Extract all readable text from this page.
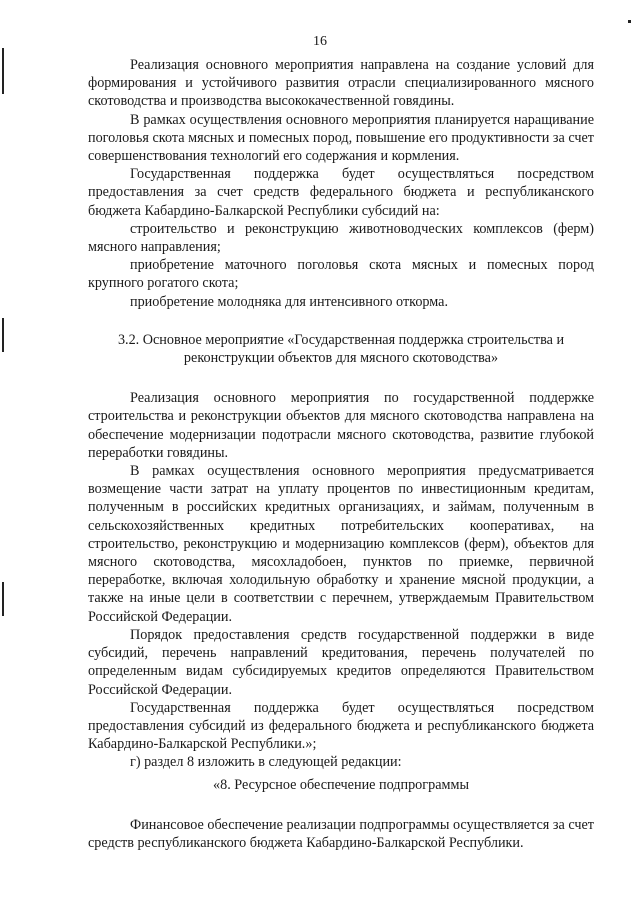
16

Реализация основного мероприятия направлена на создание условий для формирования и устойчивого развития отрасли специализированного мясного скотоводства и производства высококачественной говядины.

В рамках осуществления основного мероприятия планируется наращивание поголовья скота мясных и помесных пород, повышение его продуктивности за счет совершенствования технологий его содержания и кормления.

Государственная поддержка будет осуществляться посредством предоставления за счет средств федерального бюджета и республиканского бюджета Кабардино-Балкарской Республики субсидий на:

строительство и реконструкцию животноводческих комплексов (ферм) мясного направления;

приобретение маточного поголовья скота мясных и помесных пород крупного рогатого скота;

приобретение молодняка для интенсивного откорма.

3.2. Основное мероприятие «Государственная поддержка строительства и реконструкции объектов для мясного скотоводства»

Реализация основного мероприятия по государственной поддержке строительства и реконструкции объектов для мясного скотоводства направлена на обеспечение модернизации подотрасли мясного скотоводства, развитие глубокой переработки говядины.

В рамках осуществления основного мероприятия предусматривается возмещение части затрат на уплату процентов по инвестиционным кредитам, полученным в российских кредитных организациях, и займам, полученным в сельскохозяйственных кредитных потребительских кооперативах, на строительство, реконструкцию и модернизацию комплексов (ферм), объектов для мясного скотоводства, мясохладобоен, пунктов по приемке, первичной переработке, включая холодильную обработку и хранение мясной продукции, а также на иные цели в соответствии с перечнем, утверждаемым Правительством Российской Федерации.

Порядок предоставления средств государственной поддержки в виде субсидий, перечень направлений кредитования, перечень получателей по определенным видам субсидируемых кредитов определяются Правительством Российской Федерации.

Государственная поддержка будет осуществляться посредством предоставления субсидий из федерального бюджета и республиканского бюджета Кабардино-Балкарской Республики.»;

г) раздел 8 изложить в следующей редакции:

«8. Ресурсное обеспечение подпрограммы

Финансовое обеспечение реализации подпрограммы осуществляется за счет средств республиканского бюджета Кабардино-Балкарской Республики.
